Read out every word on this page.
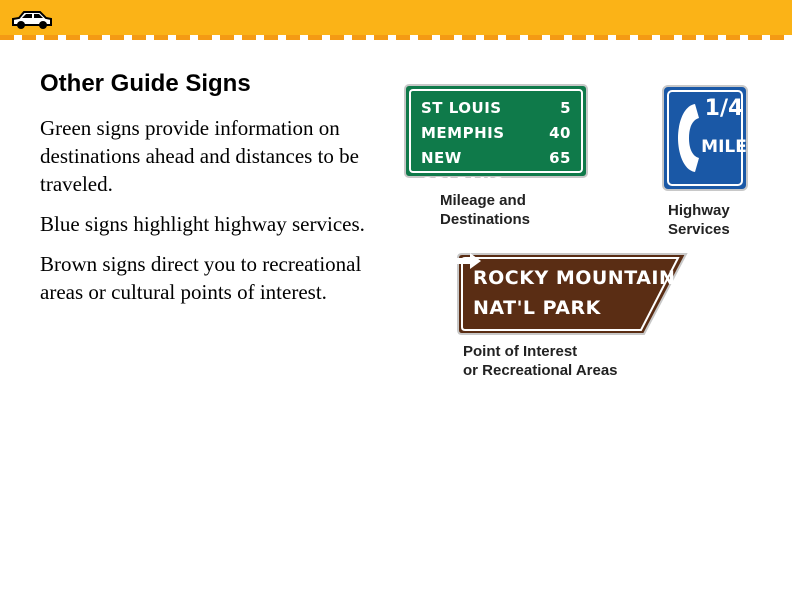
Other Guide Signs

Green signs provide information on destinations ahead and distances to be traveled.

Blue signs highlight highway services.

Brown signs direct you to recreational areas or cultural points of interest.

ST LOUIS	5
MEMPHIS	40
NEW ORLEANS
65
Mileage and
Destinations
1/4
MILE
Highway
Services
ROCKY MOUNTAIN
NAT'L PARK
Point of Interest
or Recreational Areas
